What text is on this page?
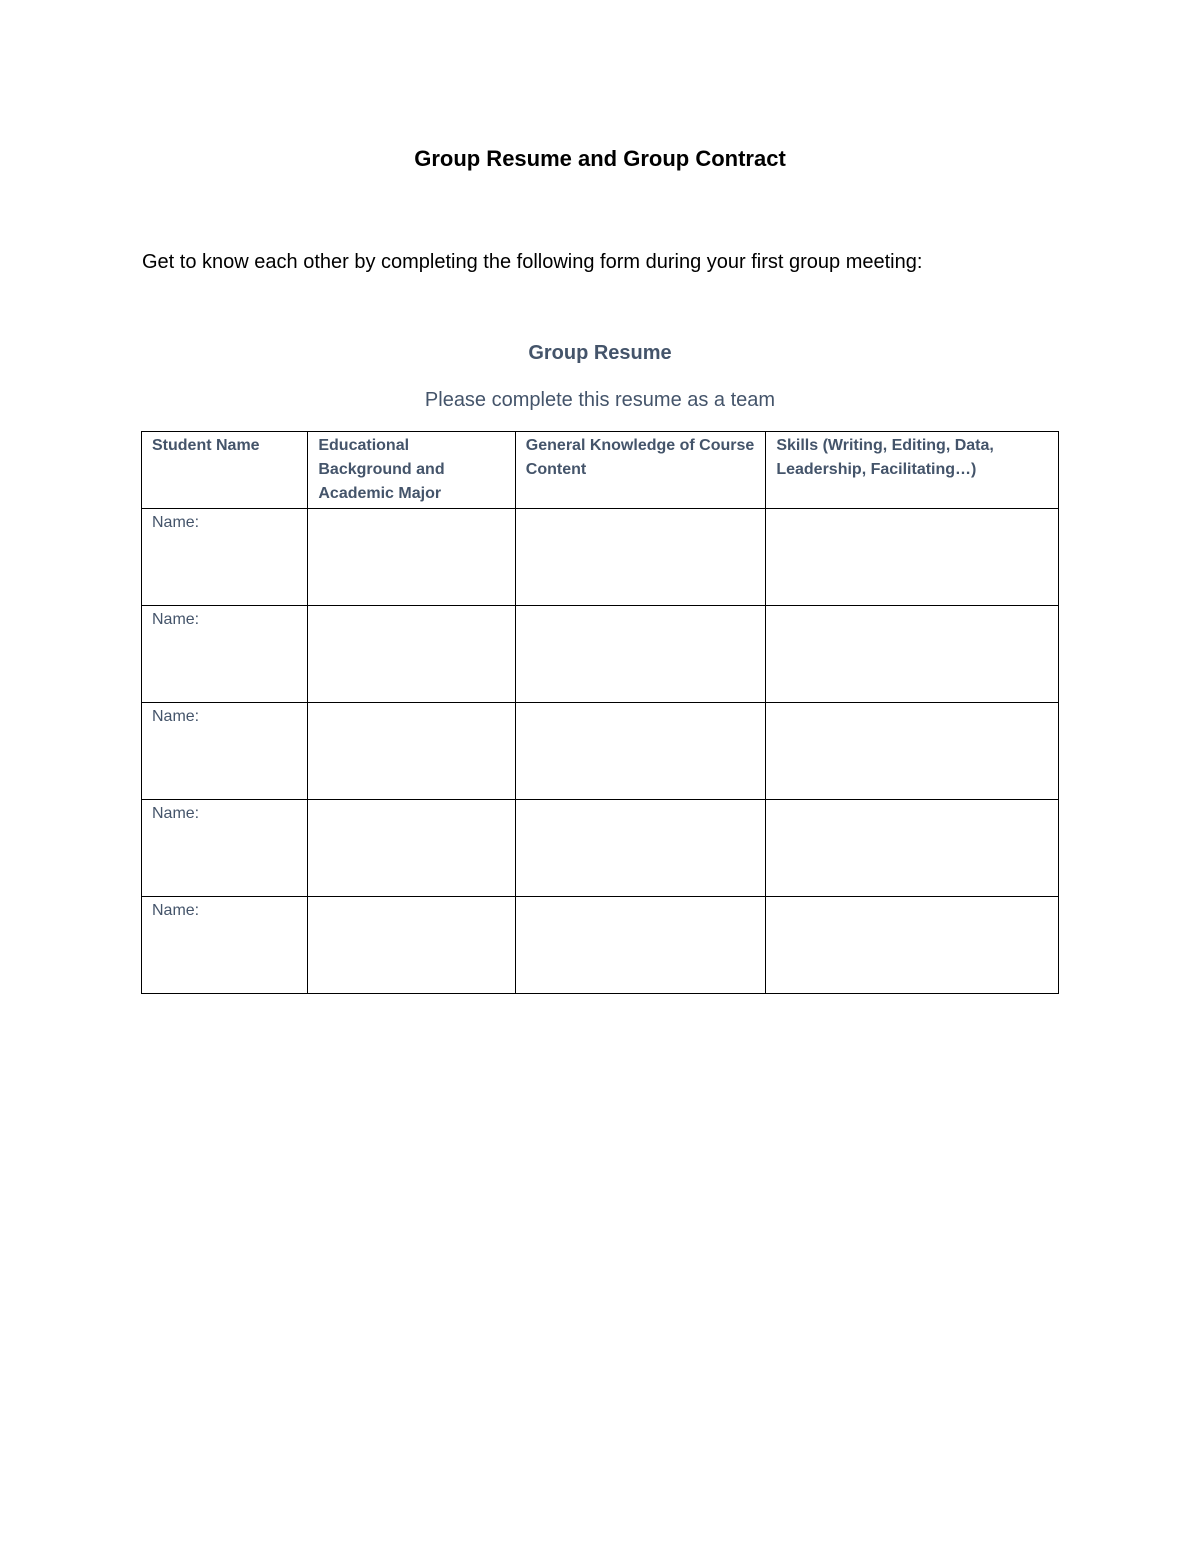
Group Resume and Group Contract
Get to know each other by completing the following form during your first group meeting:
Group Resume
Please complete this resume as a team
Student Name	Educational Background and Academic Major	General Knowledge of Course Content	Skills (Writing, Editing, Data, Leadership, Facilitating…)
Name:			
Name:			
Name:			
Name:			
Name:			
